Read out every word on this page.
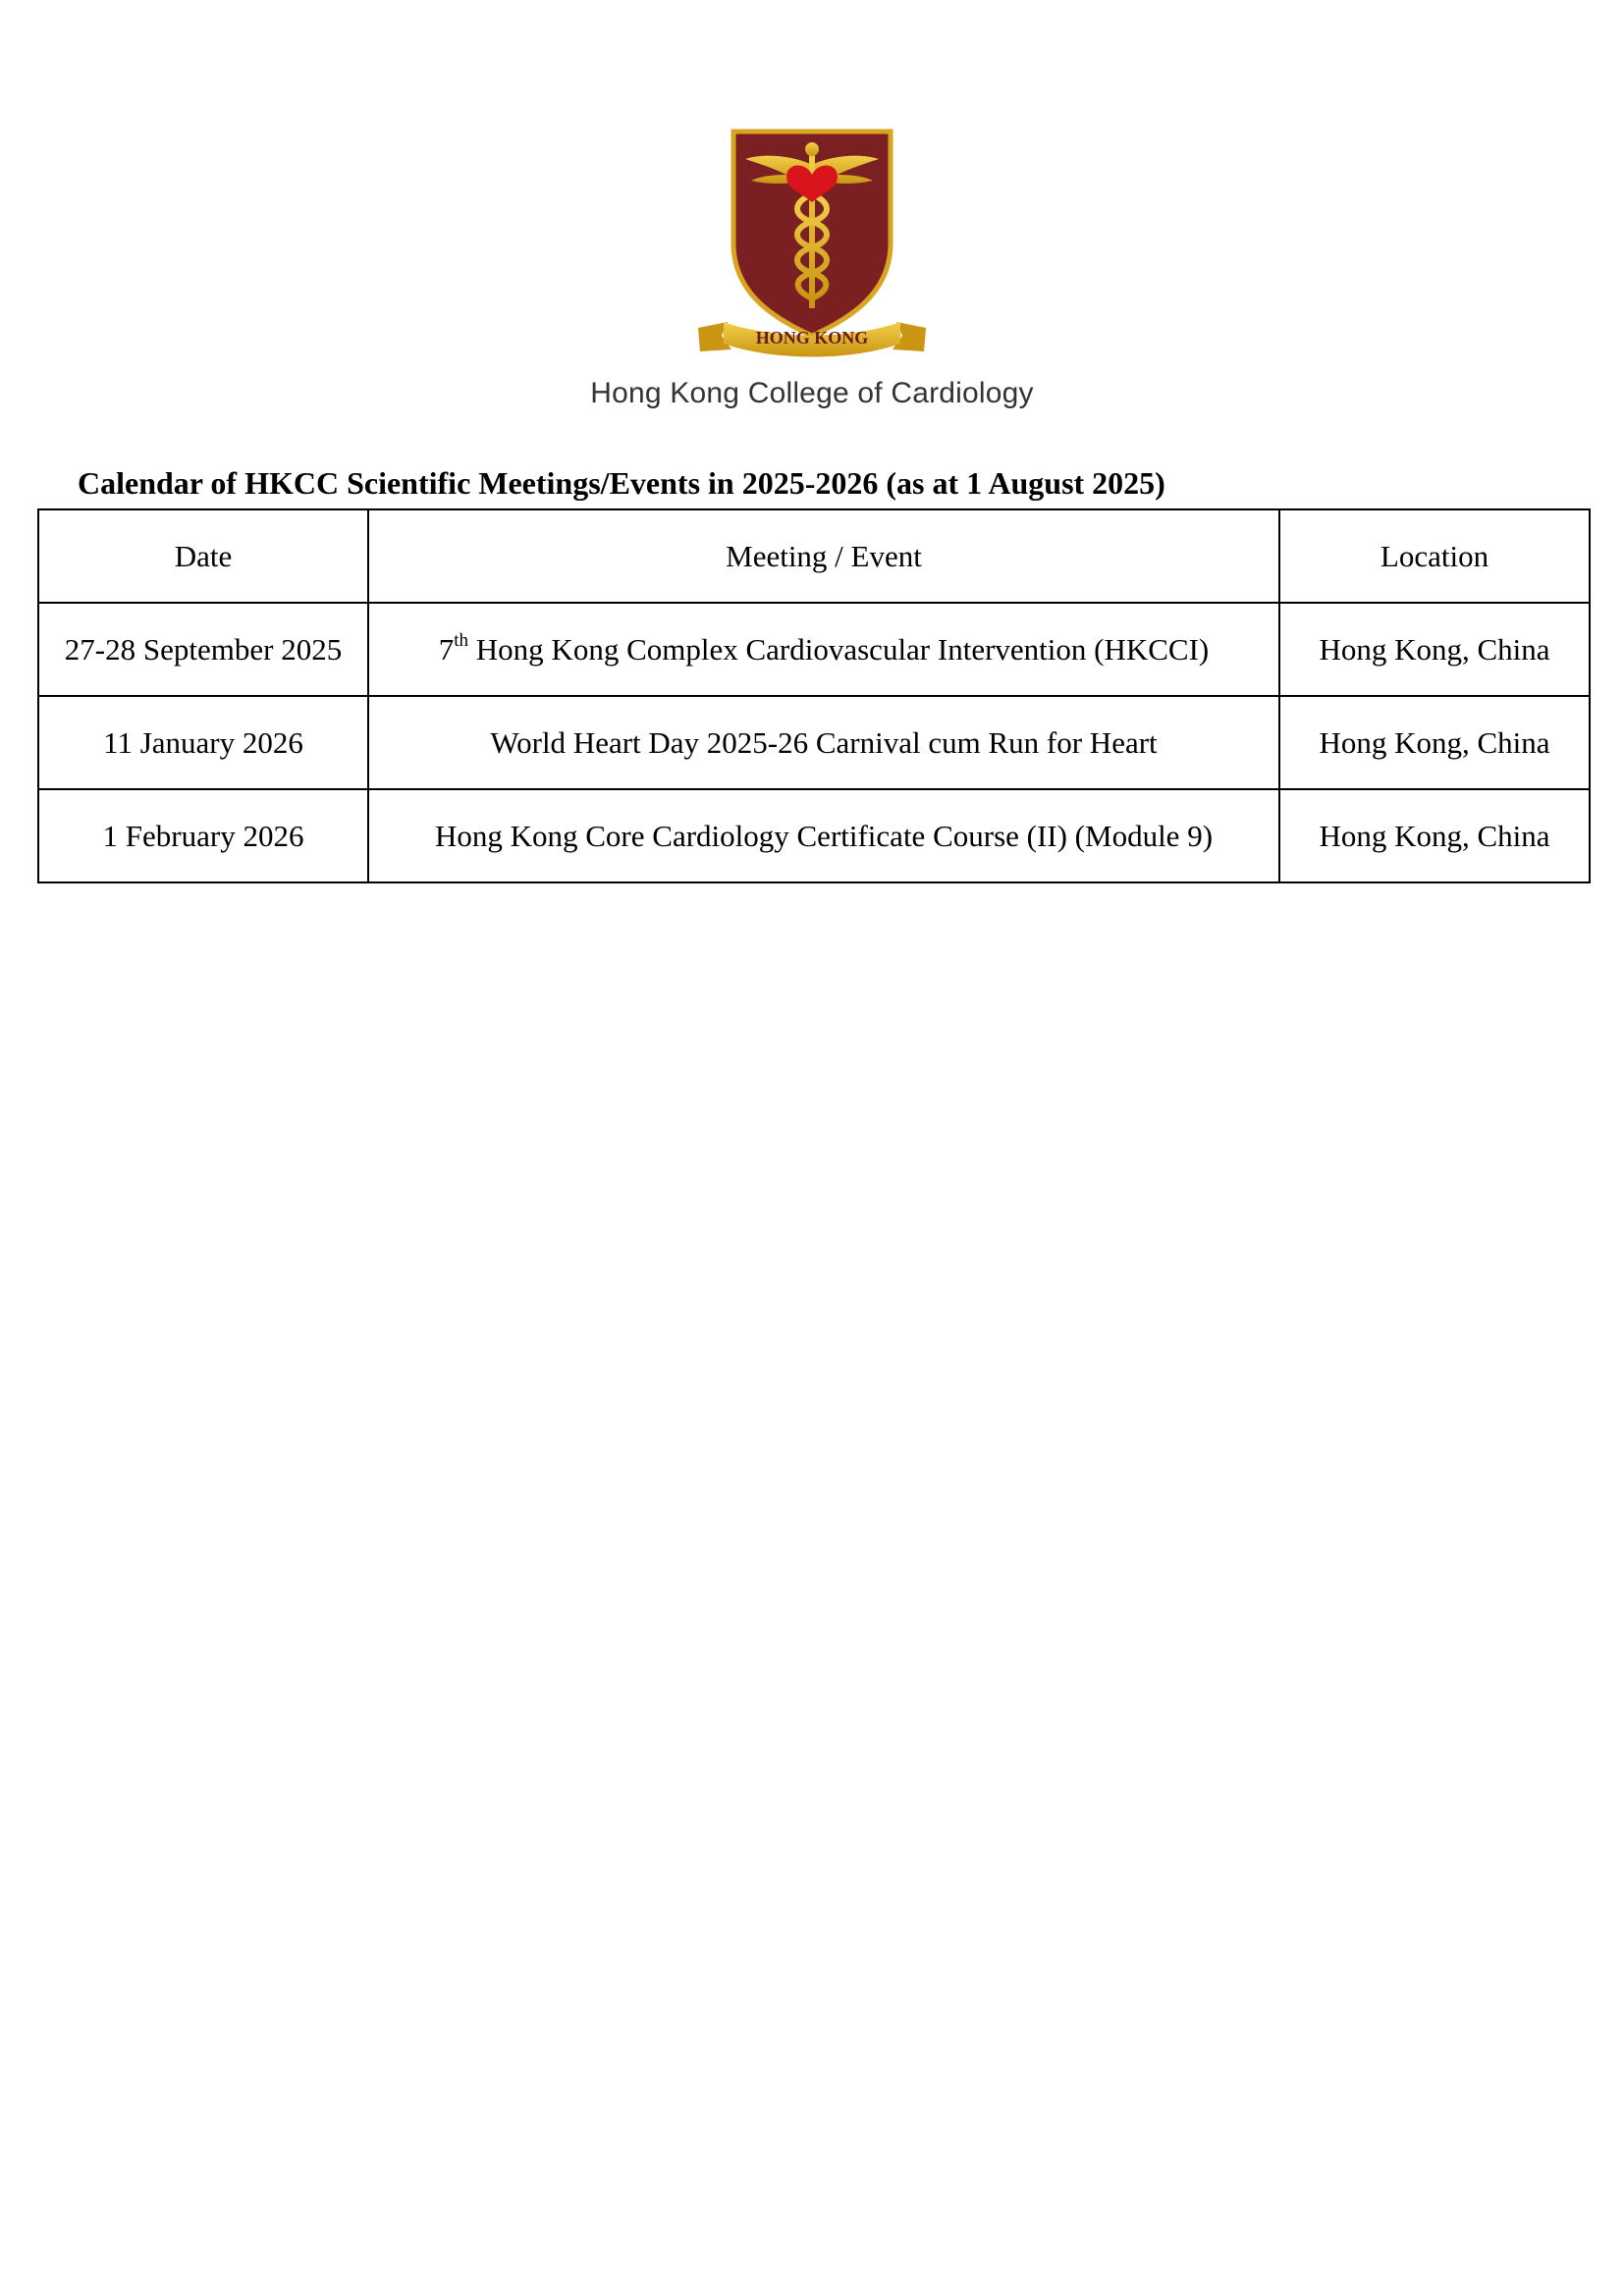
HONG KONG
Hong Kong College of Cardiology
Calendar of HKCC Scientific Meetings/Events in 2025-2026 (as at 1 August 2025)
Date	Meeting / Event	Location
27-28 September 2025	7th Hong Kong Complex Cardiovascular Intervention (HKCCI)	Hong Kong, China
11 January 2026	World Heart Day 2025-26 Carnival cum Run for Heart	Hong Kong, China
1 February 2026	Hong Kong Core Cardiology Certificate Course (II) (Module 9)	Hong Kong, China
